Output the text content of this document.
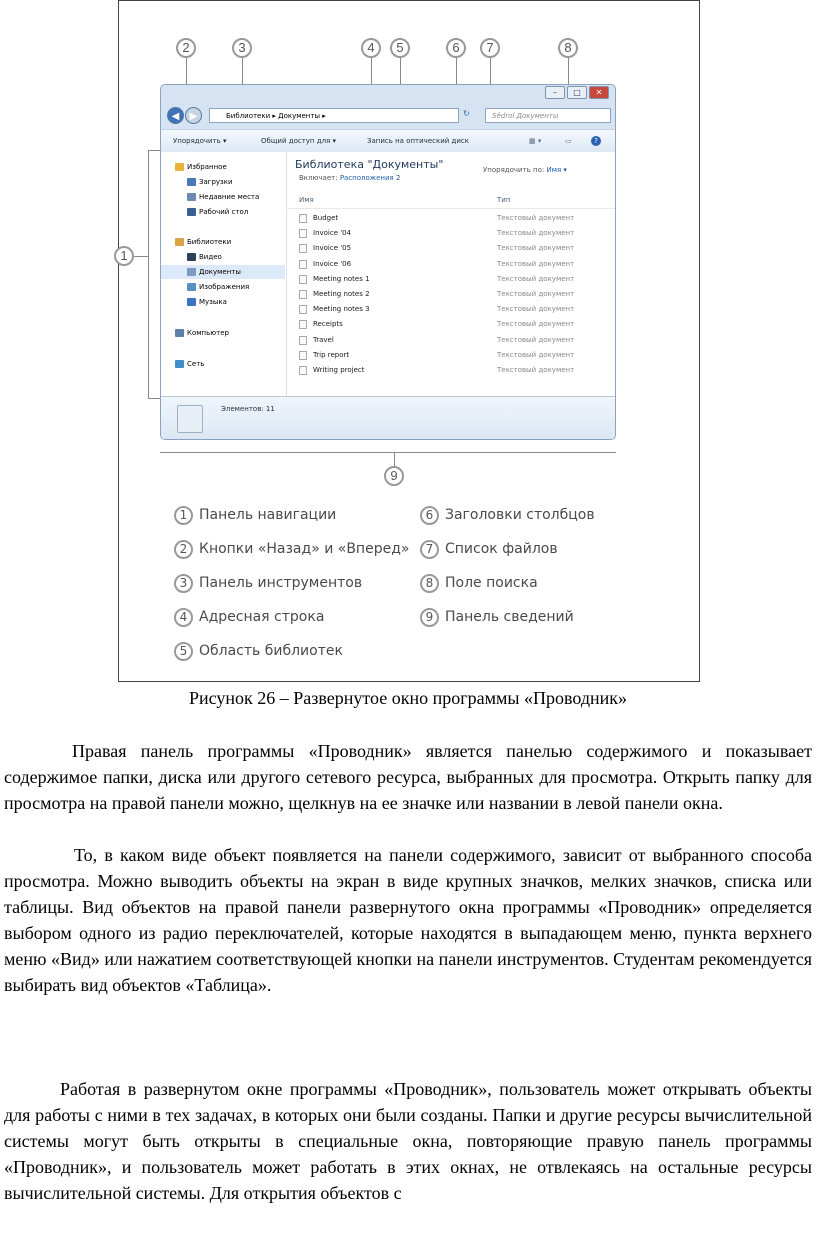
2	3	4	5	6	7	8
1
9
–	□	✕
◀	▶	Библиотеки ▸ Документы ▸	↻	Sêdroĭ Документы
Упорядочить ▾	Общий доступ для ▾	Запись на оптический диск	▦ ▾	▭	?
Избранное
Загрузки
Недавние места
Рабочий стол
Библиотеки
Видео
Документы
Изображения
Музыка
Компьютер
Сеть
Библиотека "Документы"
Включает: Расположения 2
Упорядочить по: Имя ▾
Имя	Тип
Budget	Текстовый документ
Invoice '04	Текстовый документ
Invoice '05	Текстовый документ
Invoice '06	Текстовый документ
Meeting notes 1	Текстовый документ
Meeting notes 2	Текстовый документ
Meeting notes 3	Текстовый документ
Receipts	Текстовый документ
Travel	Текстовый документ
Trip report	Текстовый документ
Writing project	Текстовый документ
Элементов: 11
1 Панель навигации
2 Кнопки «Назад» и «Вперед»
3 Панель инструментов
4 Адресная строка
5 Область библиотек
6 Заголовки столбцов
7 Список файлов
8 Поле поиска
9 Панель сведений
Рисунок 26 – Развернутое окно программы «Проводник»

Правая панель программы «Проводник» является панелью содержимого и показывает содержимое папки, диска или другого сетевого ресурса, выбранных для просмотра. Открыть папку для просмотра на правой панели можно, щелкнув на ее значке или названии в левой панели окна.

То, в каком виде объект появляется на панели содержимого, зависит от выбранного способа просмотра. Можно выводить объекты на экран в виде крупных значков, мелких значков, списка или таблицы. Вид объектов на правой панели развернутого окна программы «Проводник» определяется выбором одного из радио переключателей, которые находятся в выпадающем меню, пункта верхнего меню «Вид» или нажатием соответствующей кнопки на панели инструментов. Студентам рекомендуется выбирать вид объектов «Таблица».

Работая в развернутом окне программы «Проводник», пользователь может открывать объекты для работы с ними в тех задачах, в которых они были созданы. Папки и другие ресурсы вычислительной системы могут быть открыты в специальные окна, повторяющие правую панель программы «Проводник», и пользователь может работать в этих окнах, не отвлекаясь на остальные ресурсы вычислительной системы. Для открытия объектов с
